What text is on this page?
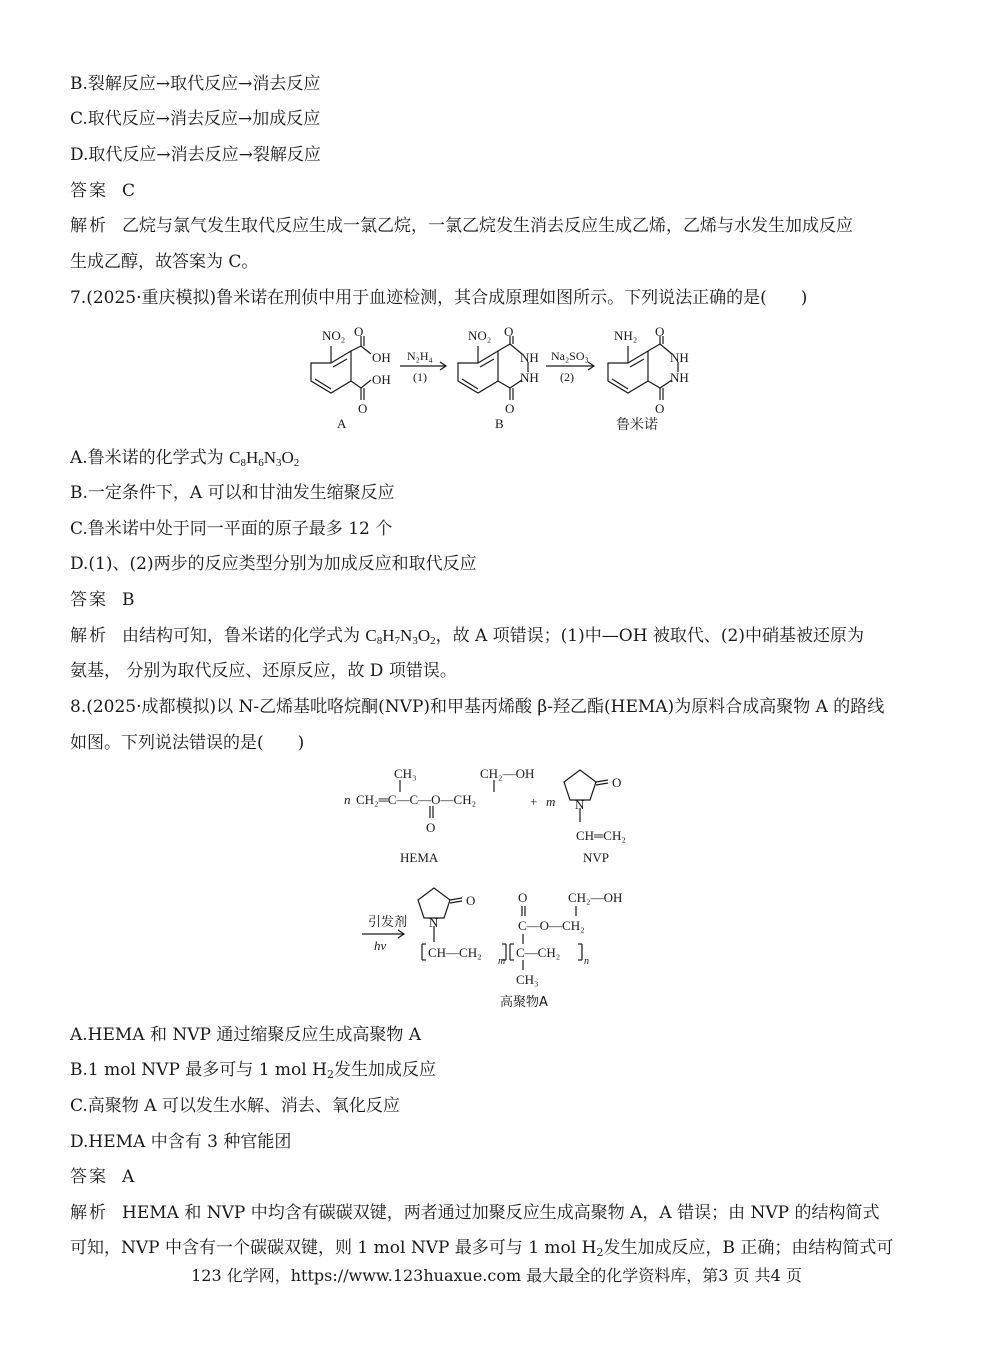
B.裂解反应→取代反应→消去反应
C.取代反应→消去反应→加成反应
D.取代反应→消去反应→裂解反应
答案 C
解析 乙烷与氯气发生取代反应生成一氯乙烷，一氯乙烷发生消去反应生成乙烯，乙烯与水发生加成反应
生成乙醇，故答案为 C。
7.(2025·重庆模拟)鲁米诺在刑侦中用于血迹检测，其合成原理如图所示。下列说法正确的是(　　)
NO₂ O
OH
OH
O
A
N₂H₄
(1)
NO₂ O
NH
NH
O
B
Na₂SO₃
(2)
NH₂ O
NH
NH
O
鲁米诺
A.鲁米诺的化学式为 $C_8H_6N_3O_2$
B.一定条件下，A 可以和甘油发生缩聚反应
C.鲁米诺中处于同一平面的原子最多 12 个
D.(1)、(2)两步的反应类型分别为加成反应和取代反应
答案 B
解析 由结构可知，鲁米诺的化学式为 $C_8H_7N_3O_2$，故 A 项错误；(1)中—OH 被取代、(2)中硝基被还原为
氨基， 分别为取代反应、还原反应，故 D 项错误。
8.(2025·成都模拟)以 N-乙烯基吡咯烷酮(NVP)和甲基丙烯酸 β-羟乙酯(HEMA)为原料合成高聚物 A 的路线
如图。下列说法错误的是(　　)
CH₃	CH₂—OH
n CH₂═C—C—O—CH₂
O
HEMA
+ m N
O
CH═CH₂
NVP
引发剂
hν
N
O	O	CH₂—OH
C—O—CH₂
CH—CH₂
m
C—CH₂
n
CH₃
高聚物A
A.HEMA 和 NVP 通过缩聚反应生成高聚物 A
B.1 mol NVP 最多可与 1 mol $H_2$发生加成反应
C.高聚物 A 可以发生水解、消去、氧化反应
D.HEMA 中含有 3 种官能团
答案 A
解析 HEMA 和 NVP 中均含有碳碳双键，两者通过加聚反应生成高聚物 A，A 错误；由 NVP 的结构简式
可知，NVP 中含有一个碳碳双键，则 1 mol NVP 最多可与 1 mol $H_2$发生加成反应，B 正确；由结构简式可
123 化学网，https://www.123huaxue.com 最大最全的化学资料库，第3 页 共4 页
